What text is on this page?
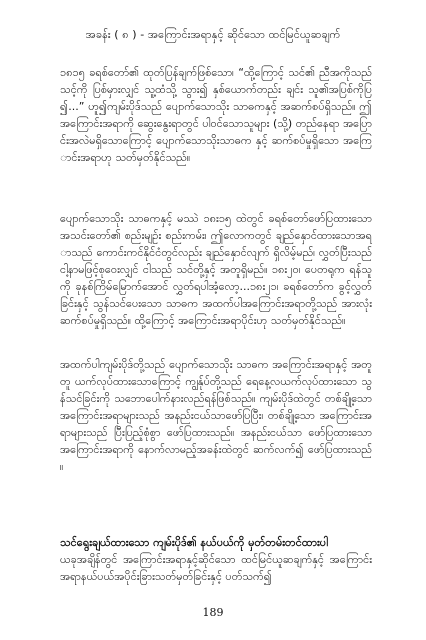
အခန်း ( ၈ ) - အကြောင်းအရာနှင့် ဆိုင်သော ထင်မြင်ယူဆချက်

၁၈၁၅ ခရစ်တော်၏ ထုတ်ပြန်ချက်ဖြစ်သော၊ “ထို့ကြောင့် သင်၏ ညီအကိုသည် သင့်ကို ပြစ်မှားလျှင် သူ့ထံသို့ သွား၍ နှစ်ယောက်တည်း ချင်း သူ၏အပြစ်ကိုပြ၍...” ဟူ၍ကျမ်းပိုဒ်သည် ပျောက်သောသိုး သာဓကနှင့် အဆက်စပ်ရှိသည်။ ဤအကြောင်းအရာကို ဆွေးနွေးရာတွင် ပါဝင်သောသူများ (သို့) တည်နေရာ အပြောင်းအလဲမရှိသောကြောင့် ပျောက်သောသိုးသာဓက နှင့် ဆက်စပ်မှုရှိသော အကြောင်းအရာဟု သတ်မှတ်နိုင်သည်။

ပျောက်သောသိုး သာဓကနှင့် မဿဲ ၁၈း၁၅ ထဲတွင် ခရစ်တော်ဖော်ပြထားသော အသင်းတော်၏ စည်းမျဉ်း စည်းကမ်း၊ ဤလောကတွင် ချည်နှောင်ထားသောအရာသည် ကောင်းကင်နိုင်ငံတွင်လည်း ချည်နှောင်လျက် ရှိလိမ့်မည်၊ လွှတ်ပြီးသည် ငါ့နာမဖြင့်စုဝေးလျှင် ငါသည် သင်တို့နှင့် အတူရှိမည်။ ၁၈း၂၀၊ ပေတရုက ရန်သူကို ခုနစ်ကြိမ်မြောက်အောင် လွှတ်ရပါအံ့လော့...၁၈း၂၁၊ ခရစ်တော်က ခွင့်လွှတ်ခြင်းနှင့် သွန်သင်ပေးသော သာဓက အထက်ပါအကြောင်းအရာတို့သည် အားလုံးဆက်စပ်မှုရှိသည်။ ထို့ကြောင့် အကြောင်းအရာပိုင်းဟု သတ်မှတ်နိုင်သည်။

အထက်ပါကျမ်းပိုဒ်တို့သည် ပျောက်သောသိုး သာဓက အကြောင်းအရာနှင့် အတူတူ ယက်လုပ်ထားသောကြောင့် ကျွန်ုပ်တို့သည် ရေနေ့လယက်လုပ်ထားသော သွန်သင်ခြင်းကို သဘောပေါက်နားလည်ရန်ဖြစ်သည်။ ကျမ်းပိုဒ်ထဲတွင် တစ်ချို့သော အကြောင်းအရာများသည် အနည်းငယ်သာဖော်ပြပြီး၊ တစ်ချို့သော အကြောင်းအရာများသည် ပြီးပြည့်စုံစွာ ဖော်ပြထားသည်။ အနည်းငယ်သာ ဖော်ပြထားသော အကြောင်းအရာကို နောက်လာမည့်အခန်းထဲတွင် ဆက်လက်၍ ဖော်ပြထားသည်။

သင်ရွေးချယ်ထားသော ကျမ်းပိုဒ်၏ နယ်ပယ်ကို မှတ်တမ်းတင်ထားပါ

ယခုအချိန်တွင် အကြောင်းအရာနှင့်ဆိုင်သော ထင်မြင်ယူဆချက်နှင့် အကြောင်းအရာနယ်ပယ်အပိုင်းခြားသတ်မှတ်ခြင်းနှင့် ပတ်သက်၍

189
